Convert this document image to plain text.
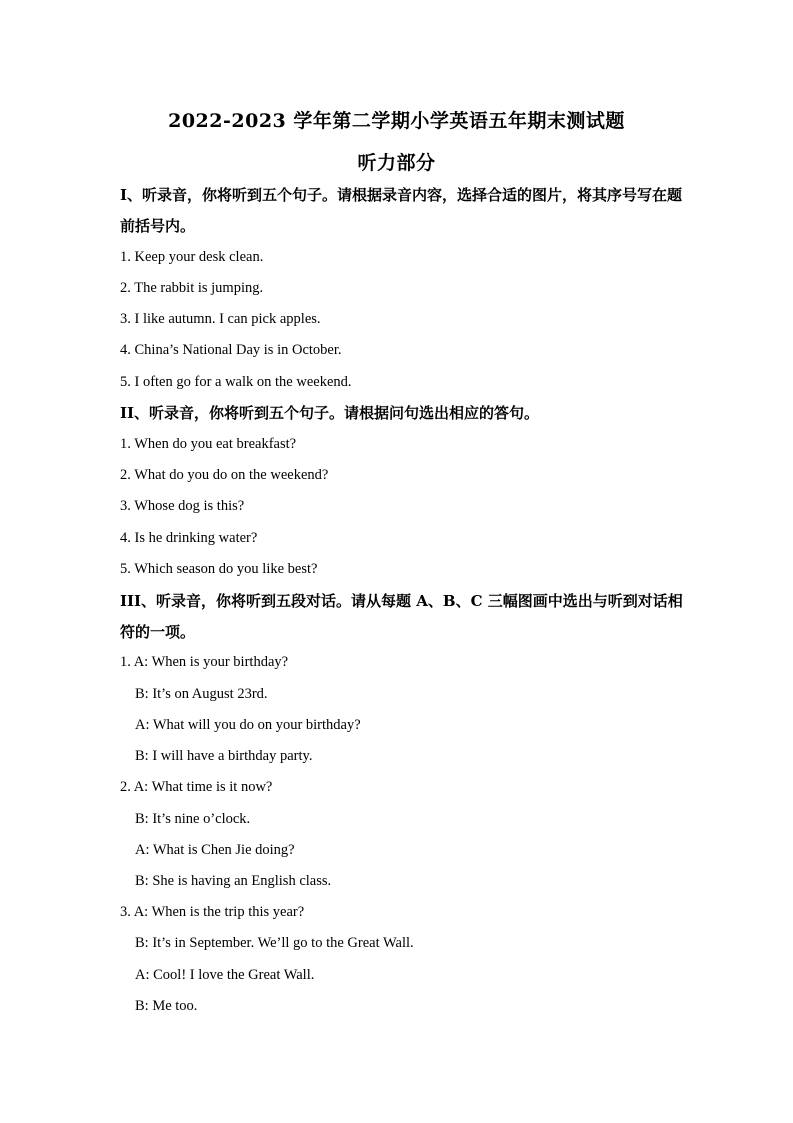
2022-2023 学年第二学期小学英语五年期末测试题
听力部分
I、听录音，你将听到五个句子。请根据录音内容，选择合适的图片，将其序号写在题前括号内。
1. Keep your desk clean.
2. The rabbit is jumping.
3. I like autumn. I can pick apples.
4. China’s National Day is in October.
5. I often go for a walk on the weekend.
II、听录音，你将听到五个句子。请根据问句选出相应的答句。
1. When do you eat breakfast?
2. What do you do on the weekend?
3. Whose dog is this?
4. Is he drinking water?
5. Which season do you like best?
III、听录音，你将听到五段对话。请从每题 A、B、C 三幅图画中选出与听到对话相符的一项。
1. A: When is your birthday?
B: It’s on August 23rd.
A: What will you do on your birthday?
B: I will have a birthday party.
2. A: What time is it now?
B: It’s nine o’clock.
A: What is Chen Jie doing?
B: She is having an English class.
3. A: When is the trip this year?
B: It’s in September. We’ll go to the Great Wall.
A: Cool! I love the Great Wall.
B: Me too.
